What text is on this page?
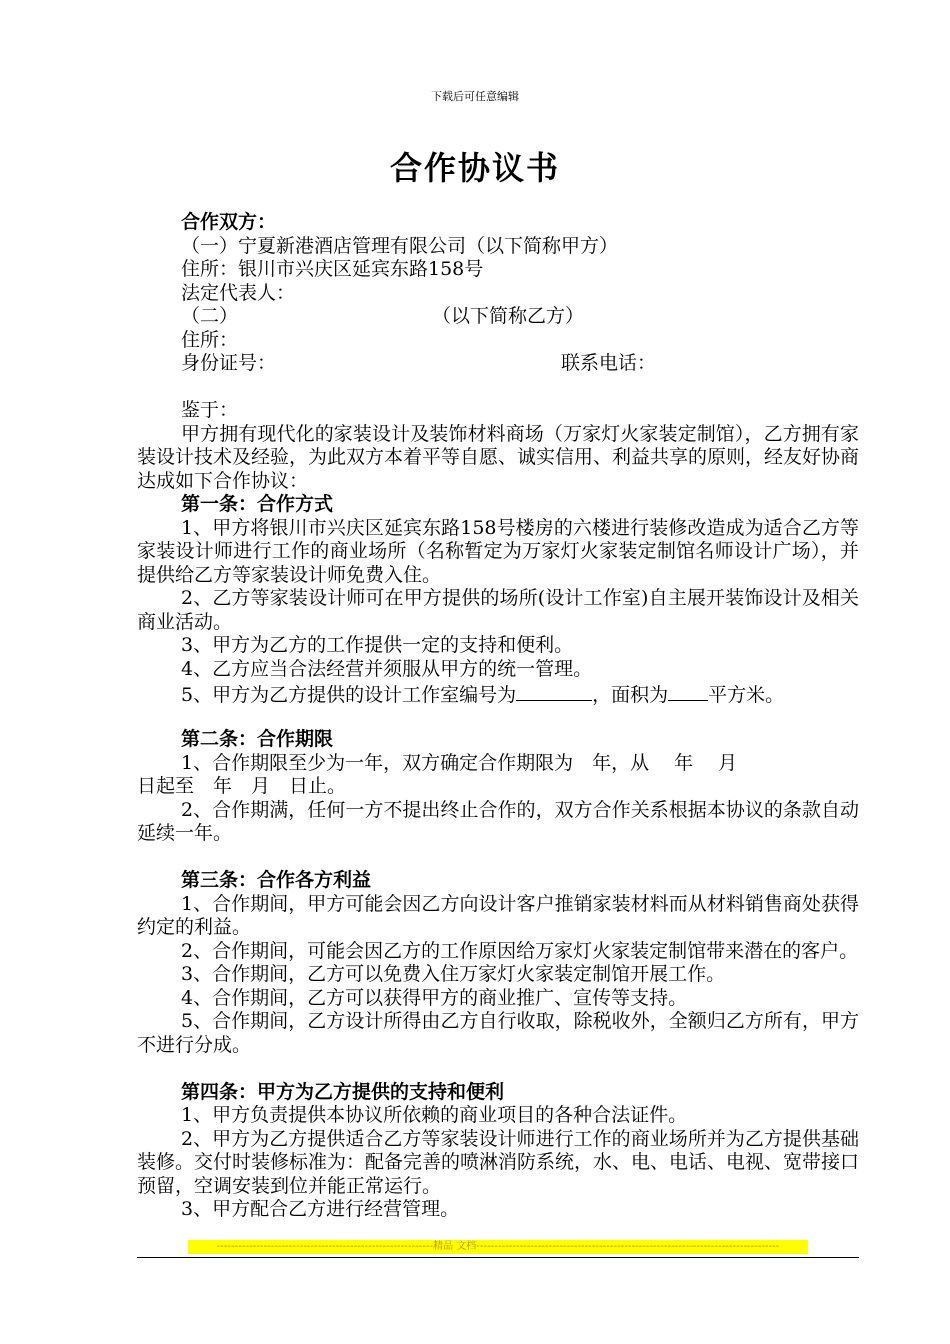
下载后可任意编辑
合作协议书
合作双方：
（一）宁夏新港酒店管理有限公司（以下简称甲方）
住所：银川市兴庆区延宾东路158号
法定代表人：
（二）	（以下简称乙方）
住所：
身份证号：	联系电话：
鉴于：
甲方拥有现代化的家装设计及装饰材料商场（万家灯火家装定制馆），乙方拥有家装设计技术及经验，为此双方本着平等自愿、诚实信用、利益共享的原则，经友好协商达成如下合作协议：
第一条：合作方式
1、甲方将银川市兴庆区延宾东路158号楼房的六楼进行装修改造成为适合乙方等家装设计师进行工作的商业场所（名称暂定为万家灯火家装定制馆名师设计广场），并提供给乙方等家装设计师免费入住。
2、乙方等家装设计师可在甲方提供的场所(设计工作室)自主展开装饰设计及相关商业活动。
3、甲方为乙方的工作提供一定的支持和便利。
4、乙方应当合法经营并须服从甲方的统一管理。
5、甲方为乙方提供的设计工作室编号为	，面积为 平方米。
第二条：合作期限
1、合作期限至少为一年，双方确定合作期限为　年，从　 年　 月
日起至　年　月　日止。
2、合作期满，任何一方不提出终止合作的，双方合作关系根据本协议的条款自动延续一年。
第三条：合作各方利益
1、合作期间，甲方可能会因乙方向设计客户推销家装材料而从材料销售商处获得约定的利益。
2、合作期间，可能会因乙方的工作原因给万家灯火家装定制馆带来潜在的客户。
3、合作期间，乙方可以免费入住万家灯火家装定制馆开展工作。
4、合作期间，乙方可以获得甲方的商业推广、宣传等支持。
5、合作期间，乙方设计所得由乙方自行收取，除税收外，全额归乙方所有，甲方不进行分成。
第四条：甲方为乙方提供的支持和便利
1、甲方负责提供本协议所依赖的商业项目的各种合法证件。
2、甲方为乙方提供适合乙方等家装设计师进行工作的商业场所并为乙方提供基础装修。交付时装修标准为：配备完善的喷淋消防系统，水、电、电话、电视、宽带接口预留，空调安装到位并能正常运行。
3、甲方配合乙方进行经营管理。
------------------------------------------------------------精品 文档------------------------------------------------------------------------------------
